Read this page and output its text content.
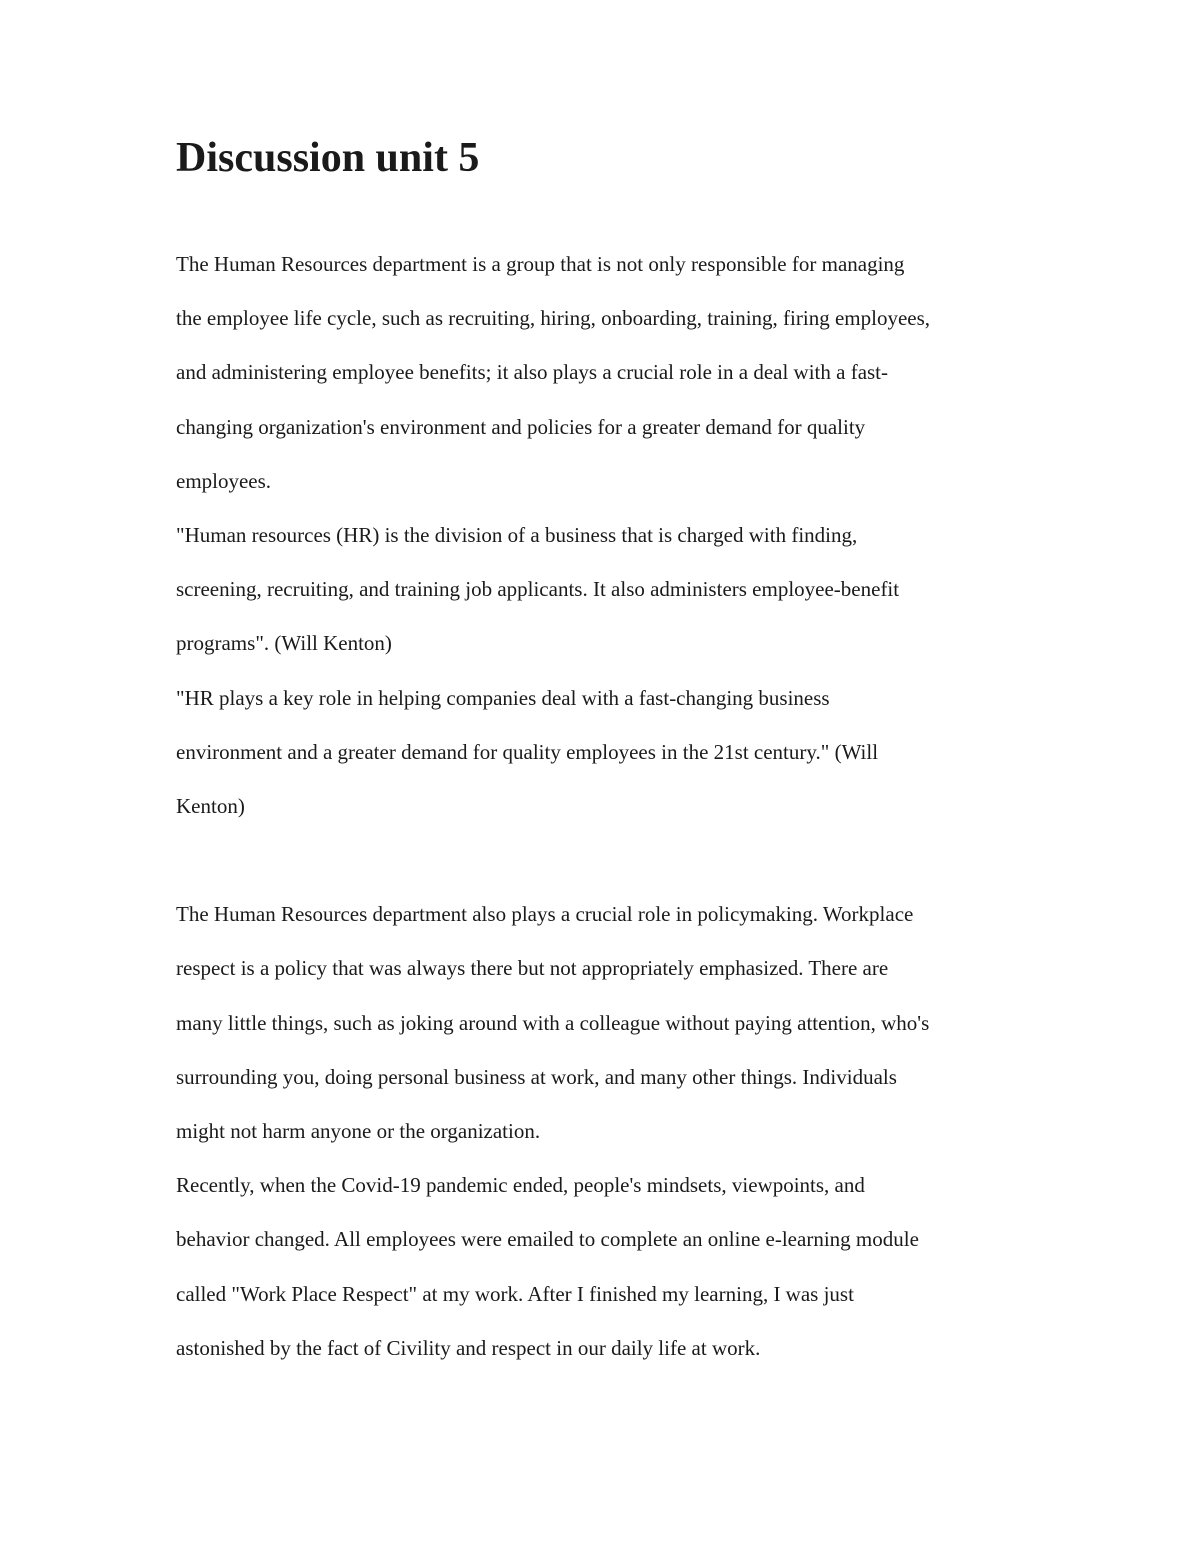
Discussion unit 5

The Human Resources department is a group that is not only responsible for managing
the employee life cycle, such as recruiting, hiring, onboarding, training, firing employees,
and administering employee benefits; it also plays a crucial role in a deal with a fast-
changing organization's environment and policies for a greater demand for quality
employees.

"Human resources (HR) is the division of a business that is charged with finding,
screening, recruiting, and training job applicants. It also administers employee-benefit
programs". (Will Kenton)

"HR plays a key role in helping companies deal with a fast-changing business
environment and a greater demand for quality employees in the 21st century." (Will
Kenton)

The Human Resources department also plays a crucial role in policymaking. Workplace
respect is a policy that was always there but not appropriately emphasized. There are
many little things, such as joking around with a colleague without paying attention, who's
surrounding you, doing personal business at work, and many other things. Individuals
might not harm anyone or the organization.

Recently, when the Covid-19 pandemic ended, people's mindsets, viewpoints, and
behavior changed. All employees were emailed to complete an online e-learning module
called "Work Place Respect" at my work. After I finished my learning, I was just
astonished by the fact of Civility and respect in our daily life at work.
